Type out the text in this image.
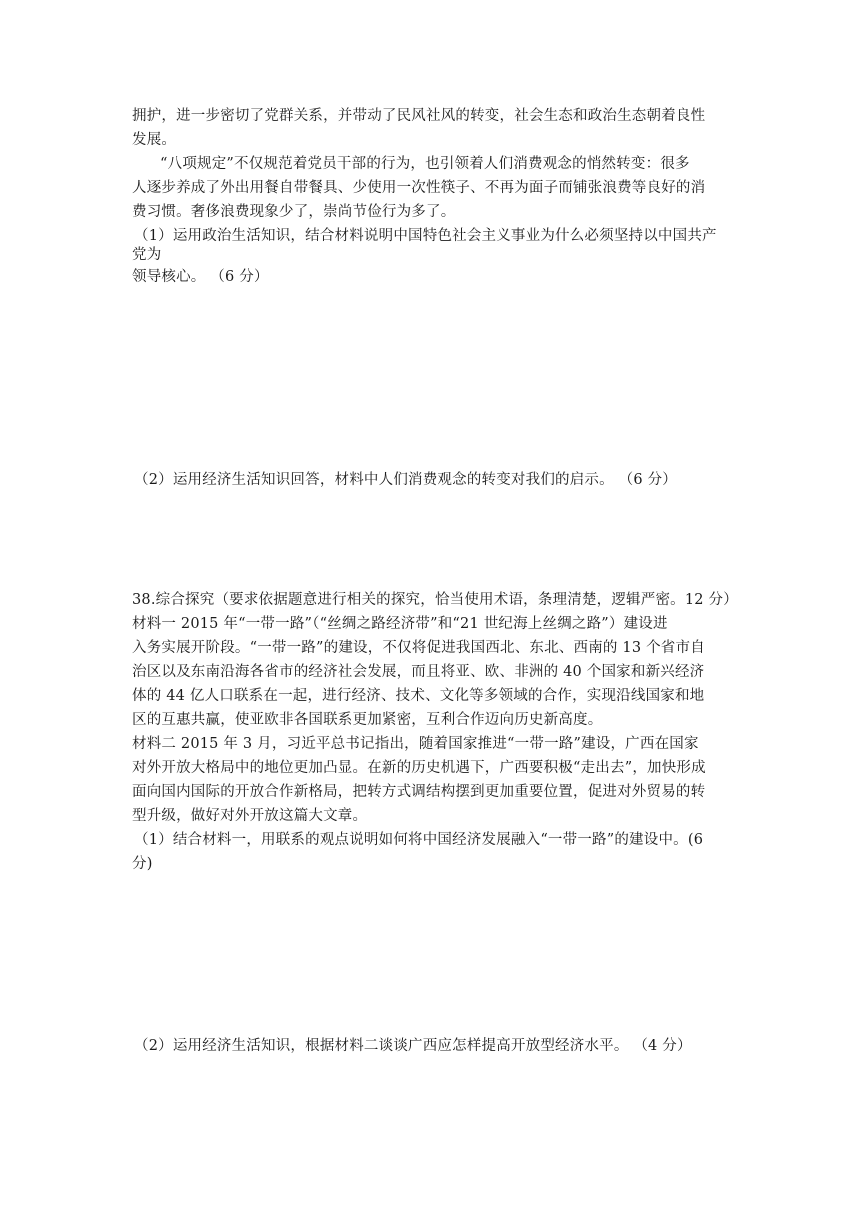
拥护，进一步密切了党群关系，并带动了民风社风的转变，社会生态和政治生态朝着良性
发展。
“八项规定”不仅规范着党员干部的行为，也引领着人们消费观念的悄然转变：很多
人逐步养成了外出用餐自带餐具、少使用一次性筷子、不再为面子而铺张浪费等良好的消
费习惯。奢侈浪费现象少了，崇尚节俭行为多了。
（1）运用政治生活知识，结合材料说明中国特色社会主义事业为什么必须坚持以中国共产
党为
领导核心。 （6 分）
（2）运用经济生活知识回答，材料中人们消费观念的转变对我们的启示。 （6 分）
38.综合探究（要求依据题意进行相关的探究，恰当使用术语，条理清楚，逻辑严密。12 分）
材料一 2015 年“一带一路”（“丝绸之路经济带”和“21 世纪海上丝绸之路”）建设进
入务实展开阶段。“一带一路”的建设，不仅将促进我国西北、东北、西南的 13 个省市自
治区以及东南沿海各省市的经济社会发展，而且将亚、欧、非洲的 40 个国家和新兴经济
体的 44 亿人口联系在一起，进行经济、技术、文化等多领域的合作，实现沿线国家和地
区的互惠共赢，使亚欧非各国联系更加紧密，互利合作迈向历史新高度。
材料二 2015 年 3 月，习近平总书记指出，随着国家推进“一带一路”建设，广西在国家
对外开放大格局中的地位更加凸显。在新的历史机遇下，广西要积极“走出去”，加快形成
面向国内国际的开放合作新格局，把转方式调结构摆到更加重要位置，促进对外贸易的转
型升级，做好对外开放这篇大文章。
（1）结合材料一，用联系的观点说明如何将中国经济发展融入“一带一路”的建设中。(6
分)
（2）运用经济生活知识，根据材料二谈谈广西应怎样提高开放型经济水平。 （4 分）
